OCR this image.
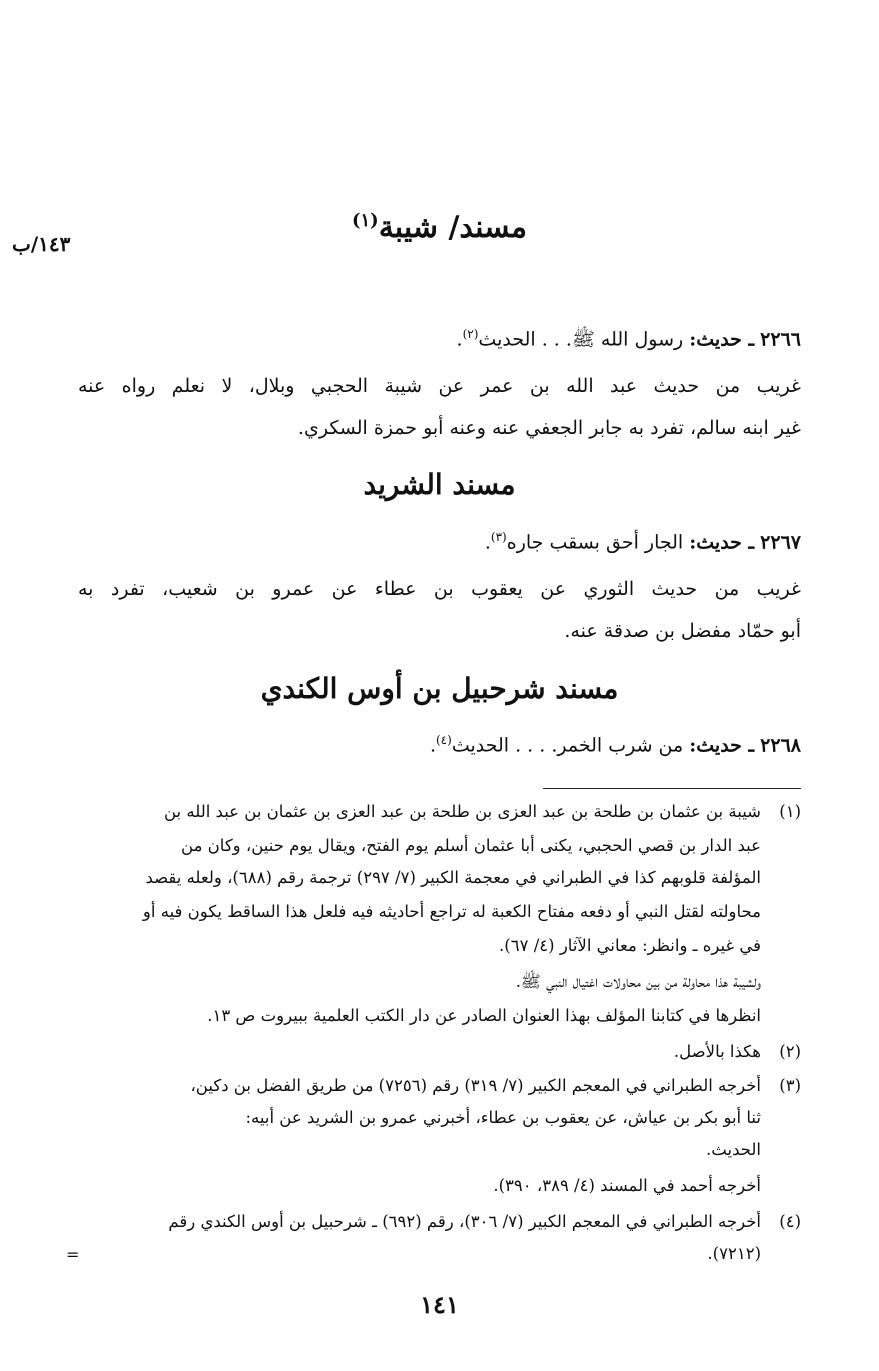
١٤٣/ب	مسند/ شيبة$^{(١)}$
٢٢٦٦ ـ حديث: رسول الله ﷺ. . . الحديث$^{(٢)}$.
غريب من حديث عبد الله بن عمر عن شيبة الحجبي وبلال، لا نعلم رواه عنه
غير ابنه سالم، تفرد به جابر الجعفي عنه وعنه أبو حمزة السكري.
مسند الشريد
٢٢٦٧ ـ حديث: الجار أحق بسقب جاره$^{(٣)}$.
غريب من حديث الثوري عن يعقوب بن عطاء عن عمرو بن شعيب، تفرد به
أبو حمّاد مفضل بن صدقة عنه.
مسند شرحبيل بن أوس الكندي
٢٢٦٨ ـ حديث: من شرب الخمر. . . . الحديث$^{(٤)}$.
(١)
شيبة بن عثمان بن طلحة بن عبد العزى بن طلحة بن عبد العزى بن عثمان بن عبد الله بن
عبد الدار بن قصي الحجبي، يكنى أبا عثمان أسلم يوم الفتح، ويقال يوم حنين، وكان من
المؤلفة قلوبهم كذا في الطبراني في معجمة الكبير (٧/ ٢٩٧) ترجمة رقم (٦٨٨)، ولعله يقصد
محاولته لقتل النبي أو دفعه مفتاح الكعبة له تراجع أحاديثه فيه فلعل هذا الساقط يكون فيه أو
في غيره ـ وانظر: معاني الآثار (٤/ ٦٧).
ولشيبة هذا محاولة من بين محاولات اغتيال النبي ﷺ.
انظرها في كتابنا المؤلف بهذا العنوان الصادر عن دار الكتب العلمية ببيروت ص ١٣.
(٢)
هكذا بالأصل.
(٣)
أخرجه الطبراني في المعجم الكبير (٧/ ٣١٩) رقم (٧٢٥٦) من طريق الفضل بن دكين،
ثنا أبو بكر بن عياش، عن يعقوب بن عطاء، أخبرني عمرو بن الشريد عن أبيه:
الحديث.
أخرجه أحمد في المسند (٤/ ٣٨٩، ٣٩٠).
(٤)
أخرجه الطبراني في المعجم الكبير (٧/ ٣٠٦)، رقم (٦٩٢) ـ شرحبيل بن أوس الكندي رقم
(٧٢١٢).
=
١٤١
